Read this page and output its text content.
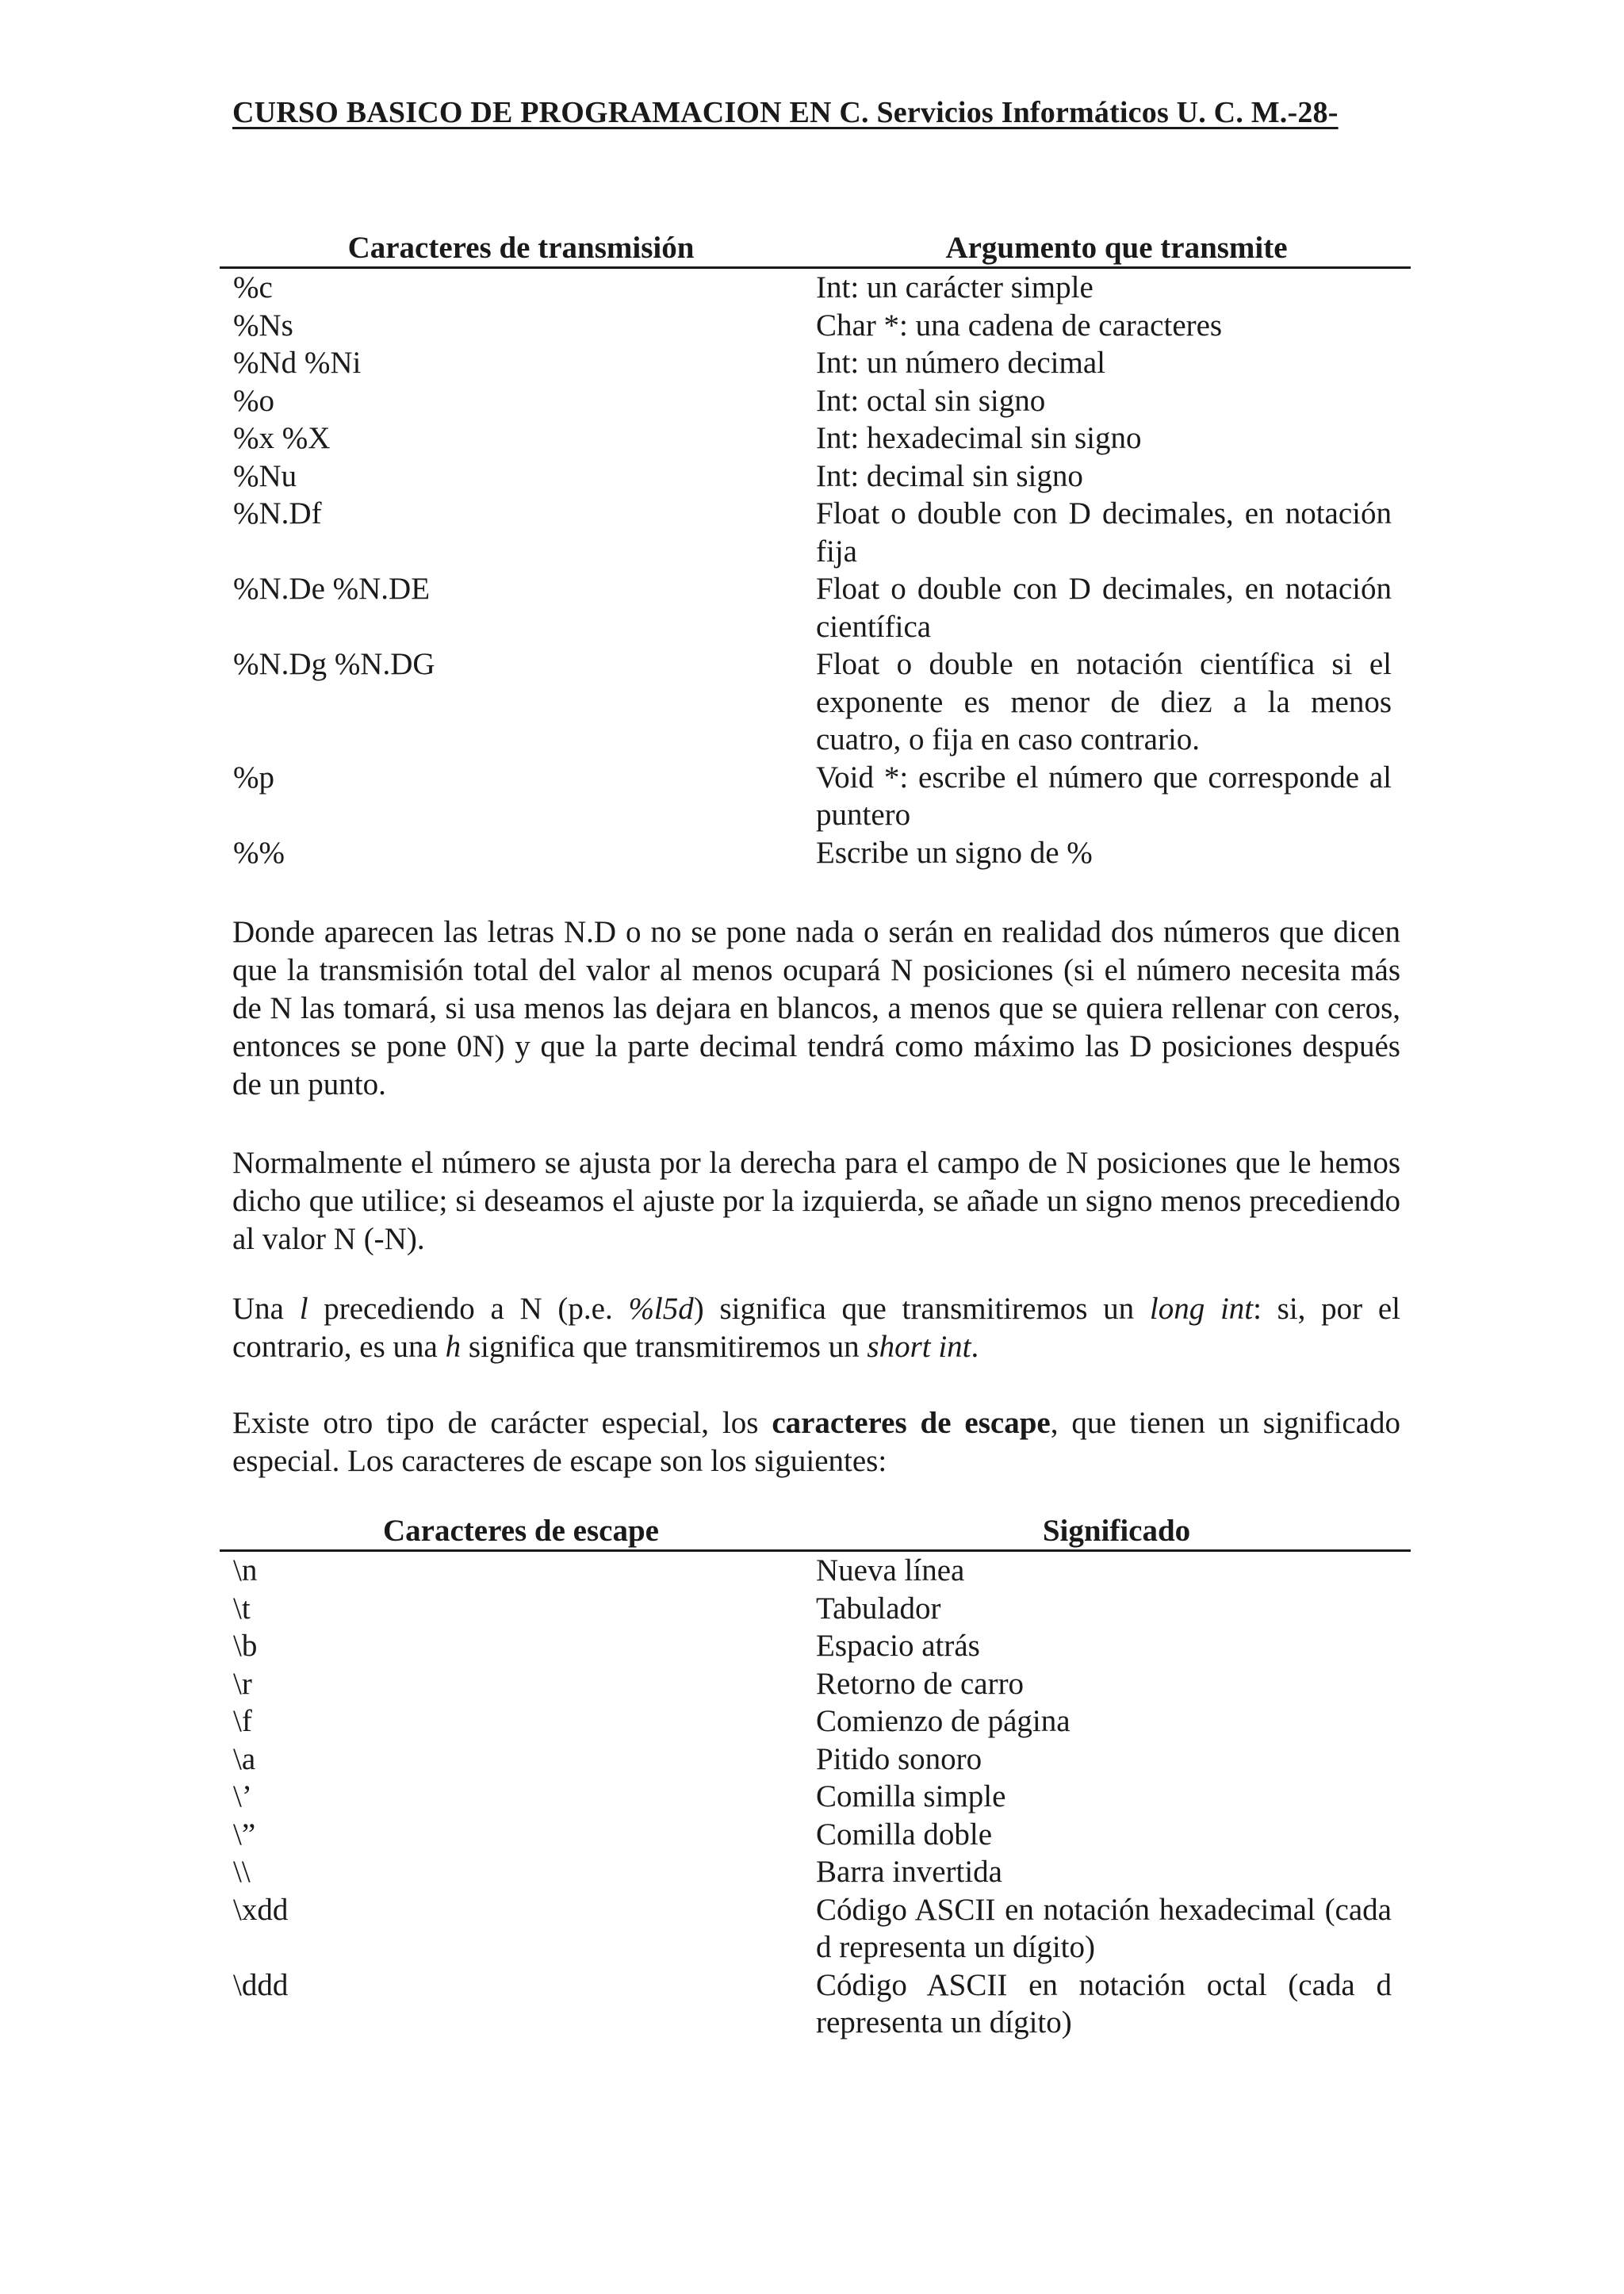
CURSO BASICO DE PROGRAMACION EN C. Servicios Informáticos U. C. M.-28-
Caracteres de transmisión	Argumento que transmite
%c	Int: un carácter simple
%Ns	Char *: una cadena de caracteres
%Nd %Ni	Int: un número decimal
%o	Int: octal sin signo
%x %X	Int: hexadecimal sin signo
%Nu	Int: decimal sin signo
%N.Df	Float o double con D decimales, en notación fija
%N.De %N.DE	Float o double con D decimales, en notación científica
%N.Dg %N.DG	Float o double en notación científica si el exponente es menor de diez a la menos cuatro, o fija en caso contrario.
%p	Void *: escribe el número que corresponde al puntero
%%	Escribe un signo de %

Donde aparecen las letras N.D o no se pone nada o serán en realidad dos números que dicen que la transmisión total del valor al menos ocupará N posiciones (si el número necesita más de N las tomará, si usa menos las dejara en blancos, a menos que se quiera rellenar con ceros, entonces se pone 0N) y que la parte decimal tendrá como máximo las D posiciones después de un punto.

Normalmente el número se ajusta por la derecha para el campo de N posiciones que le hemos dicho que utilice; si deseamos el ajuste por la izquierda, se añade un signo menos precediendo al valor N (-N).

Una l precediendo a N (p.e. %l5d) significa que transmitiremos un long int: si, por el contrario, es una h significa que transmitiremos un short int.

Existe otro tipo de carácter especial, los caracteres de escape, que tienen un significado especial. Los caracteres de escape son los siguientes:

Caracteres de escape	Significado
\n	Nueva línea
\t	Tabulador
\b	Espacio atrás
\r	Retorno de carro
\f	Comienzo de página
\a	Pitido sonoro
\’	Comilla simple
\”	Comilla doble
\\	Barra invertida
\xdd	Código ASCII en notación hexadecimal (cada d representa un dígito)
\ddd	Código ASCII en notación octal (cada d representa un dígito)
